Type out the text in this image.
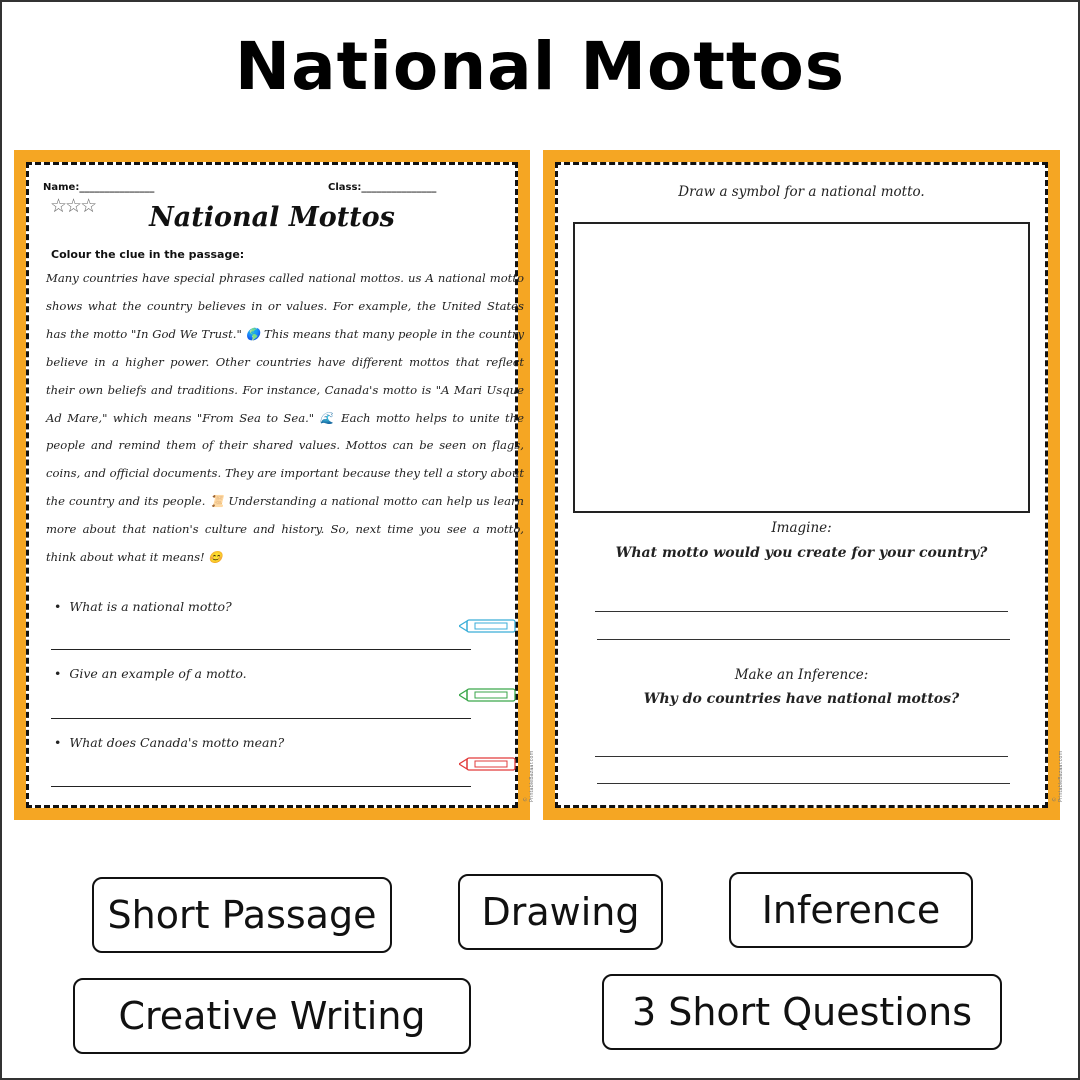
National Mottos
Name:_______________	Class:_______________
☆☆☆	National Mottos
Colour the clue in the passage:
Many countries have special phrases called national mottos. us A national motto shows what the country believes in or values. For example, the United States has the motto "In God We Trust." 🌎 This means that many people in the country believe in a higher power. Other countries have different mottos that reflect their own beliefs and traditions. For instance, Canada's motto is "A Mari Usque Ad Mare," which means "From Sea to Sea." 🌊 Each motto helps to unite the people and remind them of their shared values. Mottos can be seen on flags, coins, and official documents. They are important because they tell a story about the country and its people. 📜 Understanding a national motto can help us learn more about that nation's culture and history. So, next time you see a motto, think about what it means! 😊
• What is a national motto?
• Give an example of a motto.
• What does Canada's motto mean?
© PrintableBazaar.com
Draw a symbol for a national motto.
Imagine:
What motto would you create for your country?
Make an Inference:
Why do countries have national mottos?
© PrintableBazaar.com
Short Passage	Drawing	Inference
Creative Writing	3 Short Questions
